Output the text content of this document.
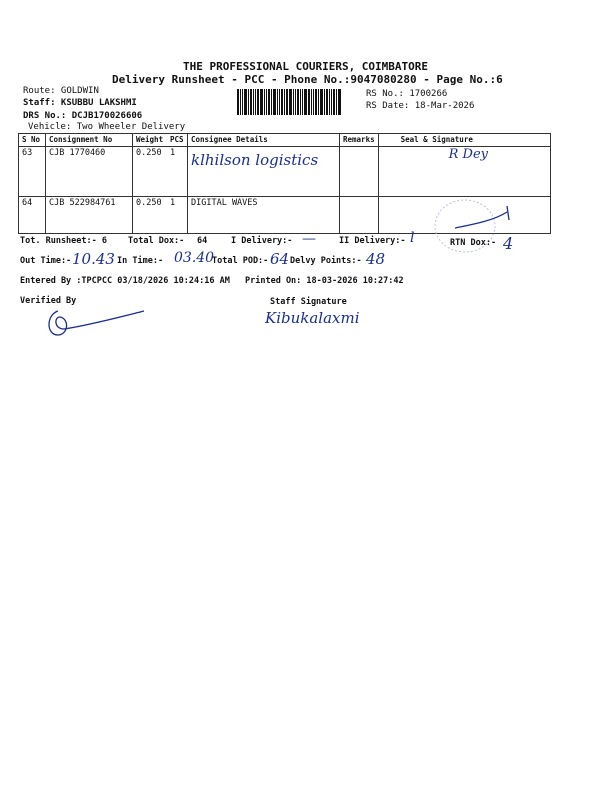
THE PROFESSIONAL COURIERS, COIMBATORE
Delivery Runsheet - PCC - Phone No.:9047080280 - Page No.:6
Route: GOLDWIN
Staff: KSUBBU LAKSHMI
DRS No.: DCJB170026606
Vehicle: Two Wheeler Delivery
RS No.: 1700266
RS Date: 18-Mar-2026
S No	Consignment No	Weight	PCS	Consignee Details	Remarks	Seal & Signature
63	CJB 1770460	0.250	1	klhilson logistics		R Dey
64	CJB 522984761	0.250	1	DIGITAL WAVES		
Tot. Runsheet:- 6 Total Dox:- 64	I Delivery:- —	II Delivery:- l	RTN Dox:- 4
Out Time:- 10.43 In Time:- 03.40
Total POD:- 64 Delvy Points:- 48
Entered By :TPCPCC 03/18/2026 10:24:16 AM Printed On: 18-03-2026 10:27:42
Verified By	Staff Signature
Kibukalaxmi
